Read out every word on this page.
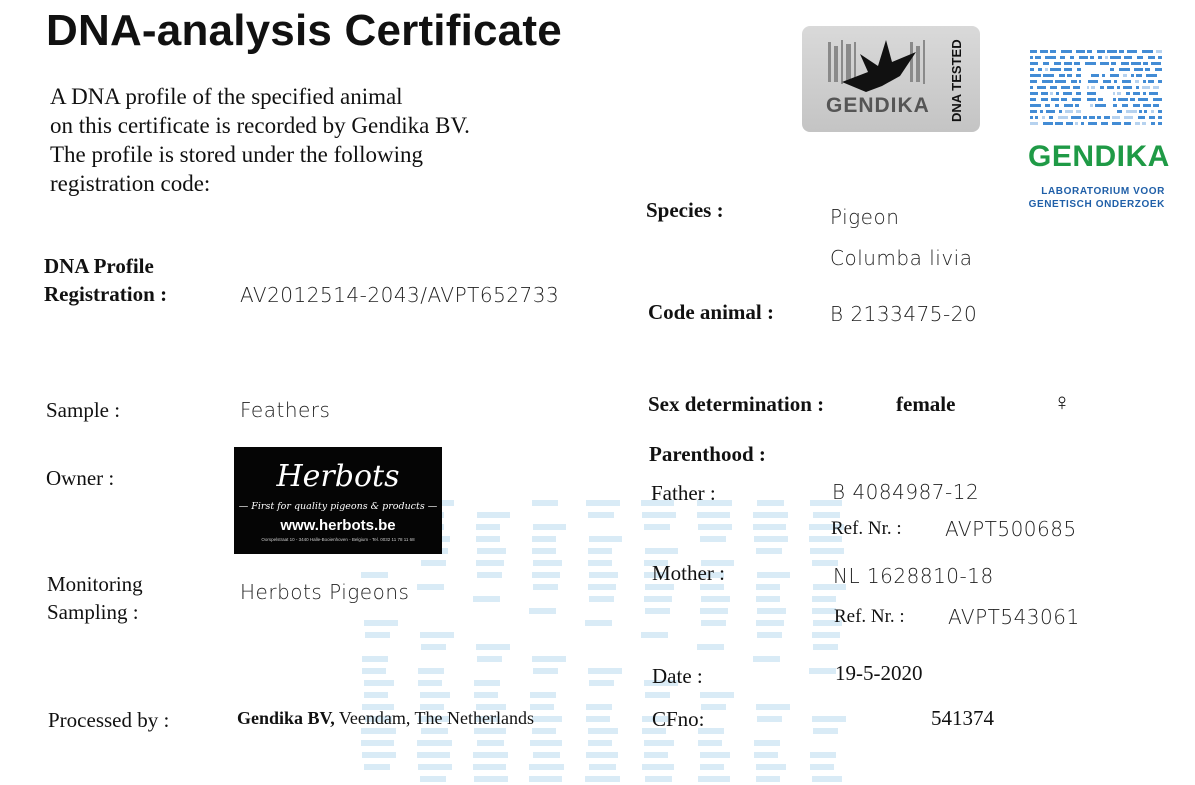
DNA-analysis Certificate
A DNA profile of the specified animal
on this certificate is recorded by Gendika BV.
The profile is stored under the following
registration code:
GENDIKA DNA TESTED
GENDIKA
LABORATORIUM VOOR
GENETISCH ONDERZOEK
DNA Profile
Registration :	AV2012514-2043/AVPT652733
Sample :	Feathers
Owner :	Herbots
— First for quality pigeons & products —
www.herbots.be
Oorspelstraat 10 - 3440 Halle-Booienhoven - Belgium - Tel. 0032 11 78 11 68
Monitoring
Sampling :
Herbots Pigeons
Processed by :	Gendika BV, Veendam, The Netherlands
Species :	Pigeon
Columba livia
Code animal :	B 2133475-20
Sex determination :	female	♀
Parenthood :
Father :	B 4084987-12
Ref. Nr. : AVPT500685
Mother :	NL 1628810-18
Ref. Nr. : AVPT543061
Date :	19-5-2020
CFno:	541374
